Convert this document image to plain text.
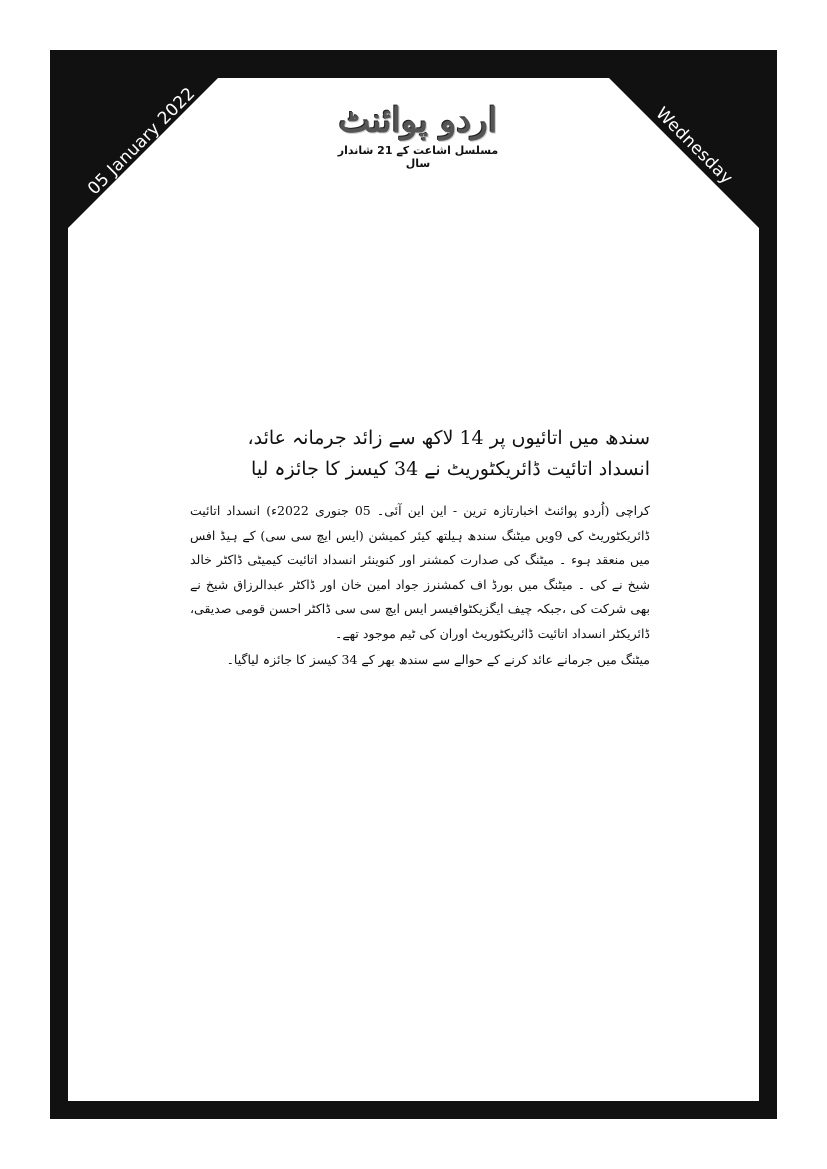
05 January 2022	اردو پوائنٹ
مسلسل اشاعت کے 21 شاندار سال	Wednesday
سندھ میں اتائیوں پر 14 لاکھ سے زائد جرمانہ عائد،
انسداد اتائیت ڈائریکٹوریٹ نے 34 کیسز کا جائزہ لیا

کراچی (اُردو پوائنٹ اخبارتازہ ترین - این این آئی۔ 05 جنوری 2022ء) انسداد اتائیت ڈائریکٹوریٹ کی 9ویں میٹنگ سندھ ہیلتھ کیئر کمیشن (ایس ایچ سی سی) کے ہیڈ افس میں منعقد ہوء ۔ میٹنگ کی صدارت کمشنر اور کنوینئر انسداد اتائیت کیمیٹی ڈاکٹر خالد شیخ نے کی ۔ میٹنگ میں بورڈ اف کمشنرز جواد امین خان اور ڈاکٹر عبدالرزاق شیخ نے بھی شرکت کی ،جبکہ چیف ایگزیکٹوافیسر ایس ایچ سی سی ڈاکٹر احسن قومی صدیقی، ڈائریکٹر انسداد اتائیت ڈائریکٹوریٹ اوران کی ٹیم موجود تھے۔

میٹنگ میں جرمانے عائد کرنے کے حوالے سے سندھ بھر کے 34 کیسز کا جائزہ لیاگیا۔
